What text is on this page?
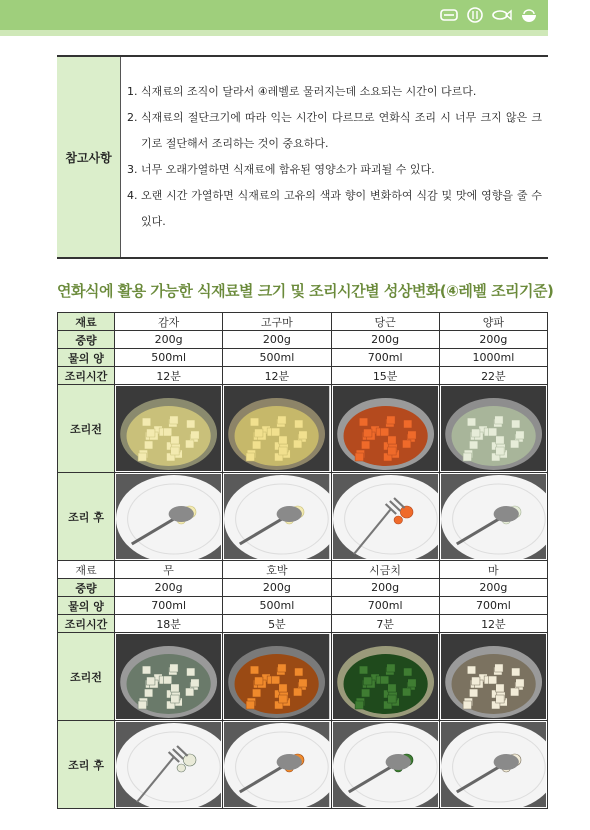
참고사항
1. 식재료의 조직이 달라서 ④레벨로 물러지는데 소요되는 시간이 다르다.
2. 식재료의 절단크기에 따라 익는 시간이 다르므로 연화식 조리 시 너무 크지 않은 크기로 절단해서 조리하는 것이 중요하다.
3. 너무 오래가열하면 식재료에 함유된 영양소가 파괴될 수 있다.
4. 오랜 시간 가열하면 식재료의 고유의 색과 향이 변화하여 식감 및 맛에 영향을 줄 수 있다.
연화식에 활용 가능한 식재료별 크기 및 조리시간별 성상변화(④레벨 조리기준)
재료	감자	고구마	당근	양파
중량	200g	200g	200g	200g
물의 양	500ml	500ml	700ml	1000ml
조리시간	12분	12분	15분	22분
조리전	

조리 후	

재료	무	호박	시금치	마
중량	200g	200g	200g	200g
물의 양	700ml	500ml	700ml	700ml
조리시간	18분	5분	7분	12분
조리전	

조리 후	
